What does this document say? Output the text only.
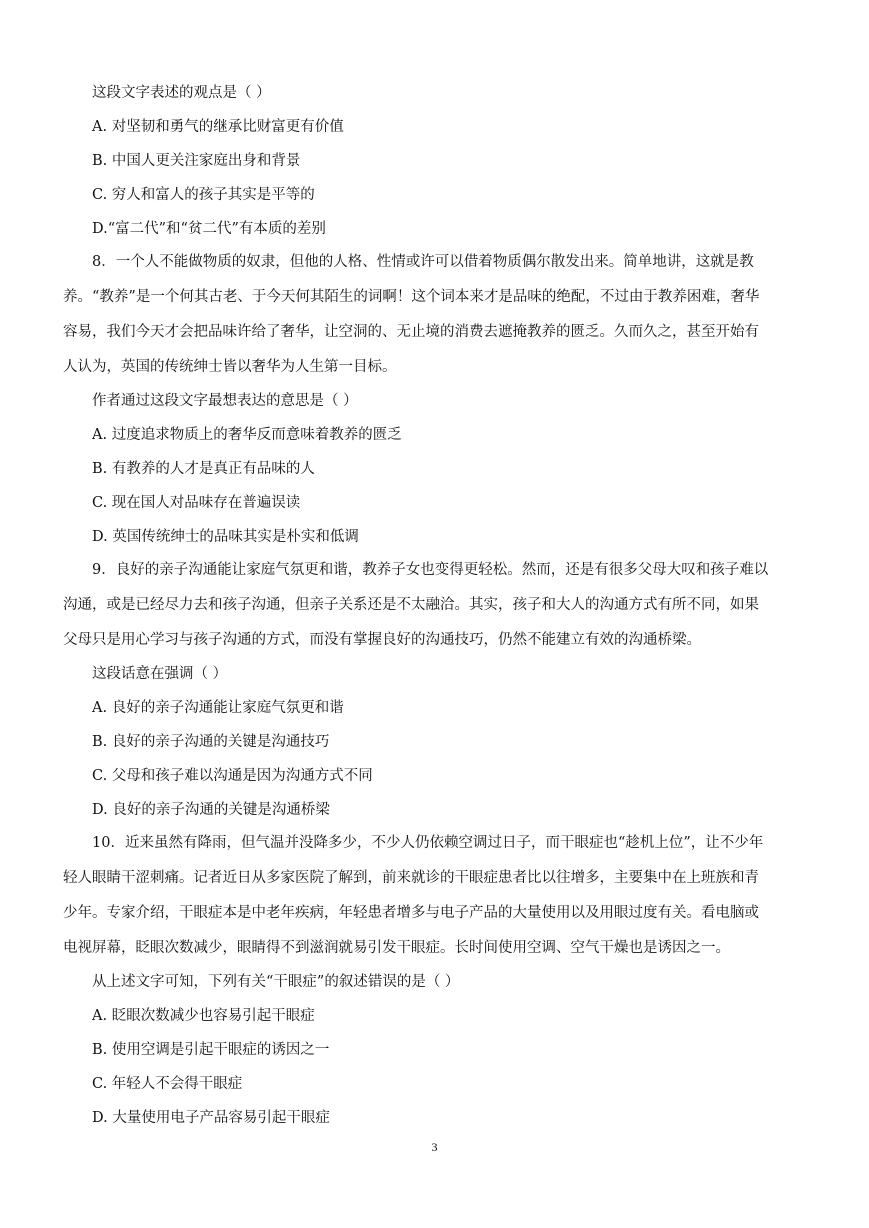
这段文字表述的观点是（ ）

A. 对坚韧和勇气的继承比财富更有价值

B. 中国人更关注家庭出身和背景

C. 穷人和富人的孩子其实是平等的

D.“富二代”和“贫二代”有本质的差别

8．一个人不能做物质的奴隶，但他的人格、性情或许可以借着物质偶尔散发出来。简单地讲，这就是教养。“教养”是一个何其古老、于今天何其陌生的词啊！这个词本来才是品味的绝配，不过由于教养困难，奢华容易，我们今天才会把品味许给了奢华，让空洞的、无止境的消费去遮掩教养的匮乏。久而久之，甚至开始有人认为，英国的传统绅士皆以奢华为人生第一目标。

作者通过这段文字最想表达的意思是（ ）

A. 过度追求物质上的奢华反而意味着教养的匮乏

B. 有教养的人才是真正有品味的人

C. 现在国人对品味存在普遍误读

D. 英国传统绅士的品味其实是朴实和低调

9．良好的亲子沟通能让家庭气氛更和谐，教养子女也变得更轻松。然而，还是有很多父母大叹和孩子难以沟通，或是已经尽力去和孩子沟通，但亲子关系还是不太融洽。其实，孩子和大人的沟通方式有所不同，如果父母只是用心学习与孩子沟通的方式，而没有掌握良好的沟通技巧，仍然不能建立有效的沟通桥梁。

这段话意在强调（ ）

A. 良好的亲子沟通能让家庭气氛更和谐

B. 良好的亲子沟通的关键是沟通技巧

C. 父母和孩子难以沟通是因为沟通方式不同

D. 良好的亲子沟通的关键是沟通桥梁

10．近来虽然有降雨，但气温并没降多少，不少人仍依赖空调过日子，而干眼症也“趁机上位”，让不少年轻人眼睛干涩刺痛。记者近日从多家医院了解到，前来就诊的干眼症患者比以往增多，主要集中在上班族和青少年。专家介绍，干眼症本是中老年疾病，年轻患者增多与电子产品的大量使用以及用眼过度有关。看电脑或电视屏幕，眨眼次数减少，眼睛得不到滋润就易引发干眼症。长时间使用空调、空气干燥也是诱因之一。

从上述文字可知，下列有关“干眼症”的叙述错误的是（ ）

A. 眨眼次数减少也容易引起干眼症

B. 使用空调是引起干眼症的诱因之一

C. 年轻人不会得干眼症

D. 大量使用电子产品容易引起干眼症

3
